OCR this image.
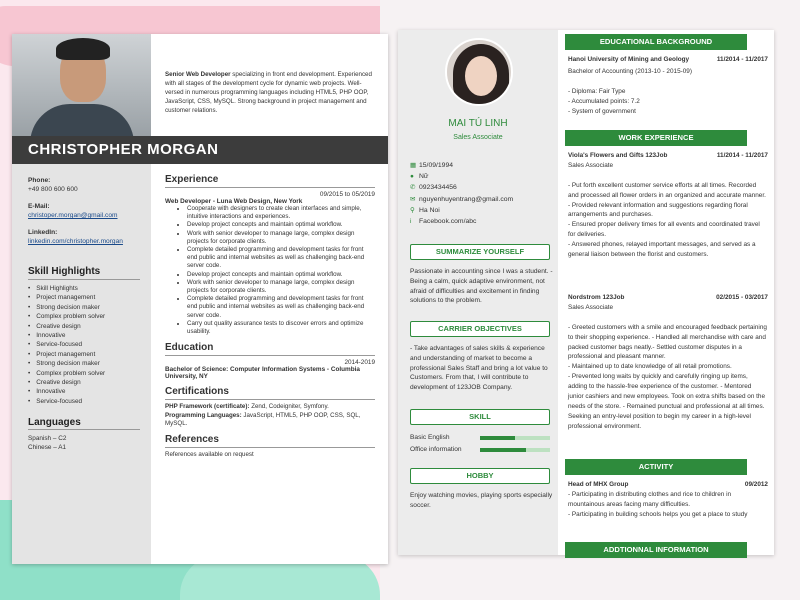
Senior Web Developer specializing in front end development. Experienced with all stages of the development cycle for dynamic web projects. Well-versed in numerous programming languages including HTML5, PHP OOP, JavaScript, CSS, MySQL. Strong background in project management and customer relations.
CHRISTOPHER MORGAN
Phone:
+49 800 600 600
E-Mail:
christoper.morgan@gmail.com
LinkedIn:
linkedin.com/christopher.morgan
Skill Highlights
• Skill Highlights
• Project management
• Strong decision maker
• Complex problem solver
• Creative design
• Innovative
• Service-focused
• Project management
• Strong decision maker
• Complex problem solver
• Creative design
• Innovative
• Service-focused
Languages
Spanish – C2
Chinese – A1
Experience
09/2015 to 05/2019
Web Developer - Luna Web Design, New York
• Cooperate with designers to create clean interfaces and simple, intuitive interactions and experiences.
• Develop project concepts and maintain optimal workflow.
• Work with senior developer to manage large, complex design projects for corporate clients.
• Complete detailed programming and development tasks for front end public and internal websites as well as challenging back-end server code.
• Develop project concepts and maintain optimal workflow.
• Work with senior developer to manage large, complex design projects for corporate clients.
• Complete detailed programming and development tasks for front end public and internal websites as well as challenging back-end server code.
• Carry out quality assurance tests to discover errors and optimize usability.
Education
2014-2019
Bachelor of Science: Computer Information Systems - Columbia University, NY
Certifications
PHP Framework (certificate): Zend, Codeigniter, Symfony.
Programming Languages: JavaScript, HTML5, PHP OOP, CSS, SQL, MySQL.
References
References available on request
MAI TÚ LINH
Sales Associate
▦ 15/09/1994
● Nữ
✆ 0923434456
✉ nguyenhuyentrang@gmail.com
⚲ Ha Noi
i Facebook.com/abc
SUMMARIZE YOURSELF
Passionate in accounting since I was a student. - Being a calm, quick adaptive environment, not afraid of difficulties and excitement in finding solutions to the problem.
CARRIER OBJECTIVES
- Take advantages of sales skills & experience and understanding of market to become a professional Sales Staff and bring a lot value to Customers. From that, I will contribute to development of 123JOB Company.
SKILL
Basic English
Office information
HOBBY
Enjoy watching movies, playing sports especially soccer.
EDUCATIONAL BACKGROUND
Hanoi University of Mining and Geology	11/2014 - 11/2017
Bachelor of Accounting (2013-10 - 2015-09)
- Diploma: Fair Type
- Accumulated points: 7.2
- System of government
WORK EXPERIENCE
Viola's Flowers and Gifts 123Job	11/2014 - 11/2017
Sales Associate

- Put forth excellent customer service efforts at all times. Recorded and processed all flower orders in an organized and accurate manner.
- Provided relevant information and suggestions regarding floral arrangements and purchases.
- Ensured proper delivery times for all events and coordinated travel for deliveries.
- Answered phones, relayed important messages, and served as a general liaison between the florist and customers.
Nordstrom 123Job	02/2015 - 03/2017
Sales Associate

- Greeted customers with a smile and encouraged feedback pertaining to their shopping experience. - Handled all merchandise with care and packed customer bags neatly.- Settled customer disputes in a professional and pleasant manner.
- Maintained up to date knowledge of all retail promotions.
- Prevented long waits by quickly and carefully ringing up items, adding to the hassle-free experience of the customer. - Mentored junior cashiers and new employees. Took on extra shifts based on the needs of the store. - Remained punctual and professional at all times. Seeking an entry-level position to begin my career in a high-level professional environment.
ACTIVITY
Head of MHX Group	09/2012
- Participating in distributing clothes and rice to children in mountainous areas facing many difficulties.
- Participating in building schools helps you get a place to study
ADDTIONNAL INFORMATION
